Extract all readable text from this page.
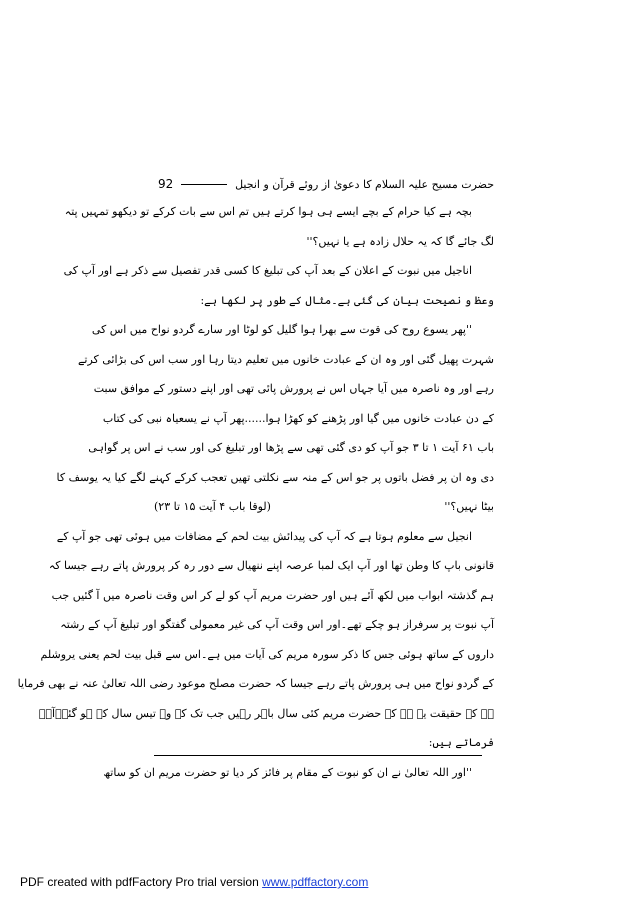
حضرت مسیح علیہ السلام کا دعویٰ از روئے قرآن و انجیل
92
بچہ ہے کیا حرام کے بچے ایسے ہی ہوا کرتے ہیں تم اس سے بات کرکے تو دیکھو تمہیں پتہ
لگ جائے گا کہ یہ حلال زادہ ہے یا نہیں؟''
اناجیل میں نبوت کے اعلان کے بعد آپ کی تبلیغ کا کسی قدر تفصیل سے ذکر ہے اور آپ کی
وعظ و نصیحت بیان کی گئی ہے۔مثال کے طور پر لکھا ہے:
''پھر یسوع روح کی قوت سے بھرا ہوا گلیل کو لوٹا اور سارے گردو نواح میں اس کی
شہرت پھیل گئی اور وہ ان کے عبادت خانوں میں تعلیم دیتا رہا اور سب اس کی بڑائی کرتے
رہے اور وہ ناصرہ میں آیا جہاں اس نے پرورش پائی تھی اور اپنے دستور کے موافق سبت
کے دن عبادت خانوں میں گیا اور پڑھنے کو کھڑا ہوا......پھر آپ نے یسعیاہ نبی کی کتاب
باب ۶۱ آیت ۱ تا ۳ جو آپ کو دی گئی تھی سے پڑھا اور تبلیغ کی اور سب نے اس پر گواہی
دی وہ ان پر فضل باتوں پر جو اس کے منہ سے نکلتی تھیں تعجب کرکے کہنے لگے کیا یہ یوسف کا
بیٹا نہیں؟''
(لوقا باب ۴ آیت ۱۵ تا ۲۳)
انجیل سے معلوم ہوتا ہے کہ آپ کی پیدائش بیت لحم کے مضافات میں ہوئی تھی جو آپ کے
قانونی باپ کا وطن تھا اور آپ ایک لمبا عرصہ اپنے ننھیال سے دور رہ کر پرورش پاتے رہے جیسا کہ
ہم گذشتہ ابواب میں لکھ آئے ہیں اور حضرت مریم آپ کو لے کر اس وقت ناصرہ میں آ گئیں جب
آپ نبوت پر سرفراز ہو چکے تھے۔اور اس وقت آپ کی غیر معمولی گفتگو اور تبلیغ آپ کے رشتہ
داروں کے ساتھ ہوئی جس کا ذکر سورہ مریم کی آیات میں ہے۔اس سے قبل بیت لحم یعنی یروشلم
کے گردو نواح میں ہی پرورش پاتے رہے جیسا کہ حضرت مصلح موعود رضی اللہ تعالیٰ عنہ نے بھی فرمایا
ہے کہ حقیقت یہ ہے کہ حضرت مریم کئی سال باہر رہیں جب تک کہ وہ تیس سال کے ہو گئے۔آپؑ
فرماتے ہیں:
''اور اللہ تعالیٰ نے ان کو نبوت کے مقام پر فائز کر دیا تو حضرت مریم ان کو ساتھ
PDF created with pdfFactory Pro trial version www.pdffactory.com
